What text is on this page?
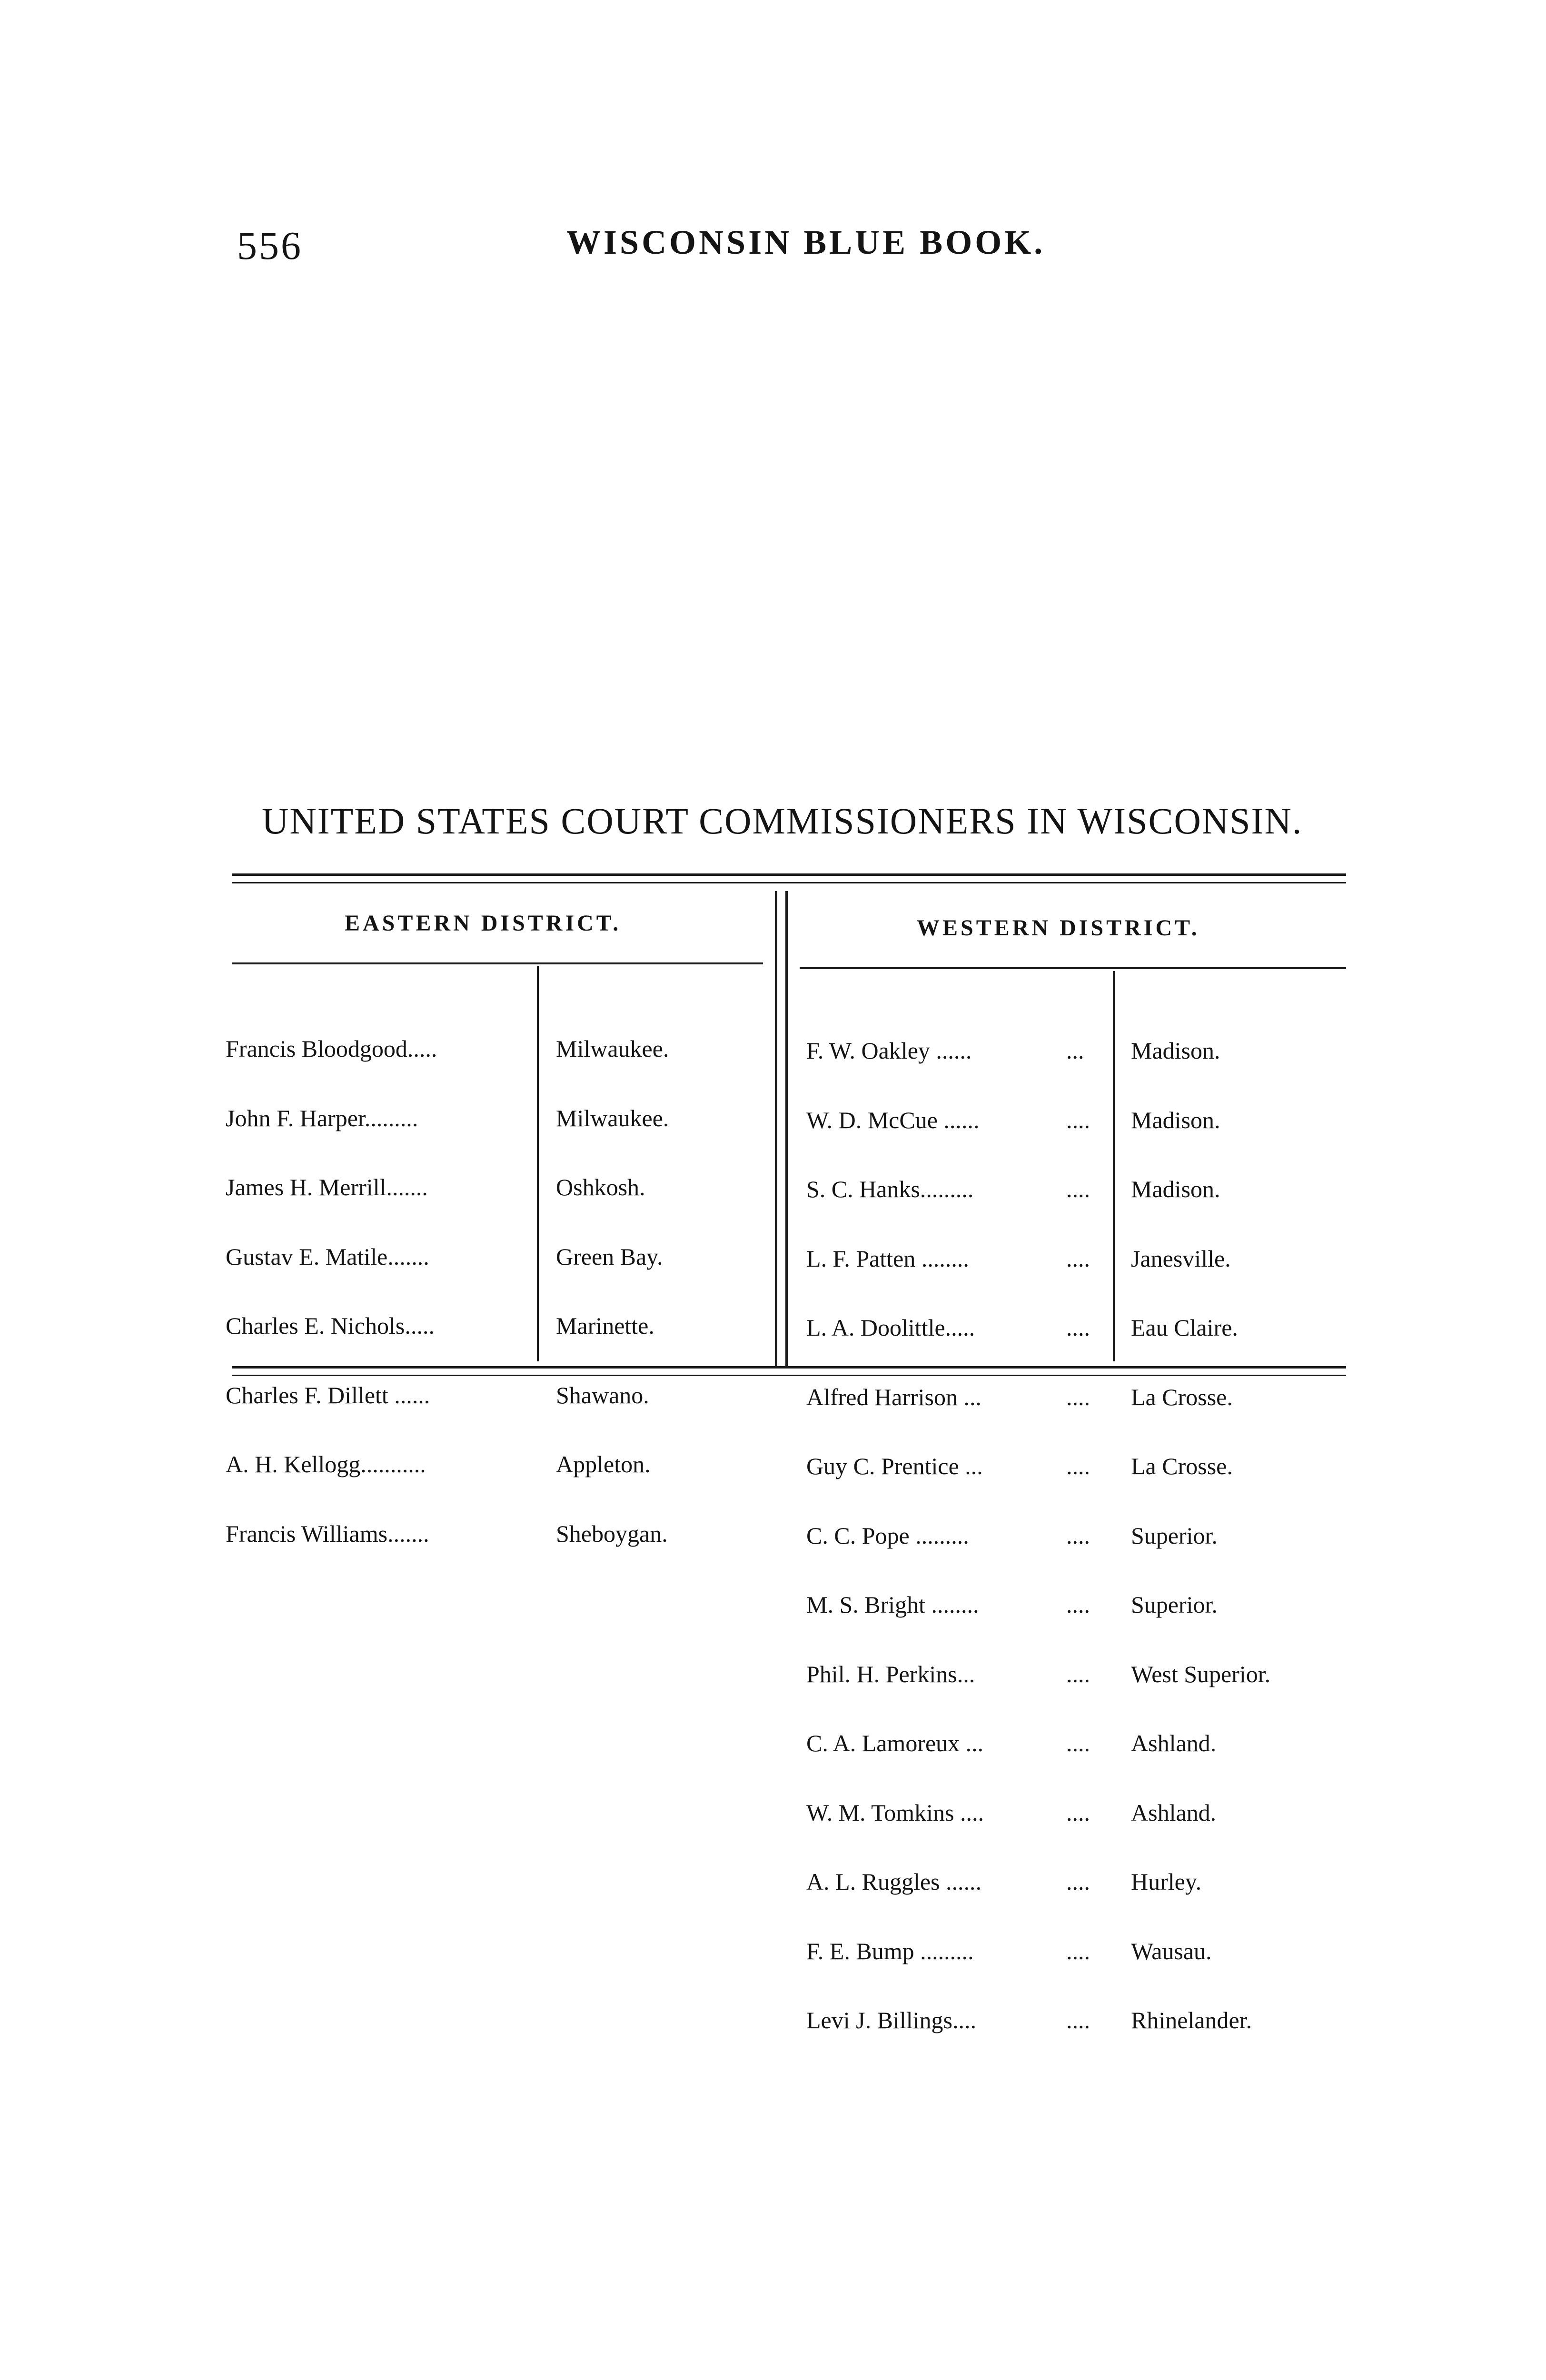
556	WISCONSIN BLUE BOOK.
UNITED STATES COURT COMMISSIONERS IN WISCONSIN.
EASTERN DISTRICT.	WESTERN DISTRICT.

Francis Bloodgood.....

John F. Harper.........

James H. Merrill.......

Gustav E. Matile.......

Charles E. Nichols.....

Charles F. Dillett ......

A. H. Kellogg...........

Francis Williams.......

Milwaukee.

Milwaukee.

Oshkosh.

Green Bay.

Marinette.

Shawano.

Appleton.

Sheboygan.

F. W. Oakley ......

W. D. McCue ......

S. C. Hanks.........

L. F. Patten ........

L. A. Doolittle.....

Alfred Harrison ...

Guy C. Prentice ...

C. C. Pope .........

M. S. Bright ........

Phil. H. Perkins...

C. A. Lamoreux ...

W. M. Tomkins ....

A. L. Ruggles ......

F. E. Bump .........

Levi J. Billings....

...

....

....

....

....

....

....

....

....

....

....

....

....

....

....

Madison.

Madison.

Madison.

Janesville.

Eau Claire.

La Crosse.

La Crosse.

Superior.

Superior.

West Superior.

Ashland.

Ashland.

Hurley.

Wausau.

Rhinelander.
